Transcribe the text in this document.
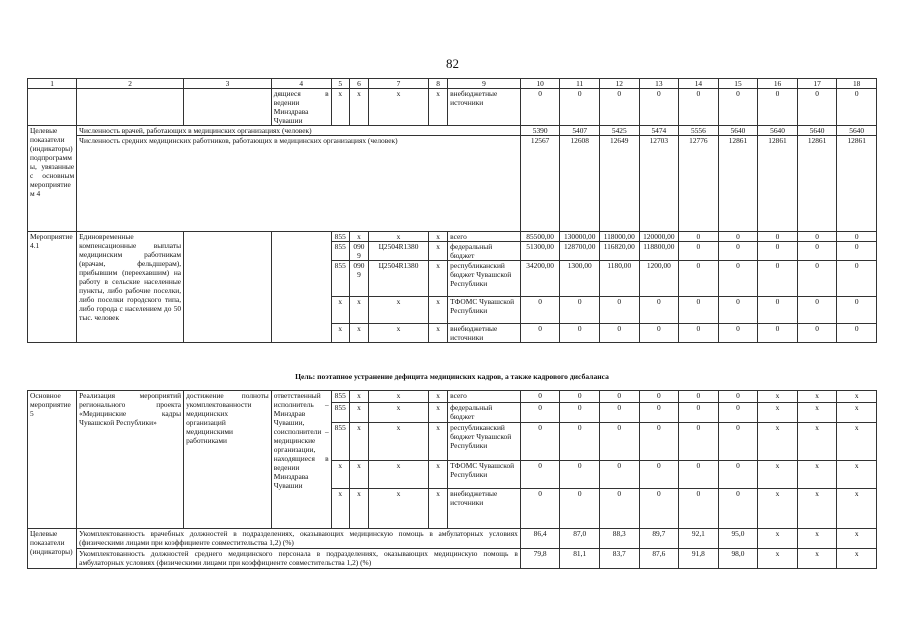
82
1	2	3	4	5	6	7	8	9	10	11	12	13	14	15	16	17	18
			дящиеся в ведении Минздрава Чувашии	x	x	x	x	внебюджетные источники	0	0	0	0	0	0	0	0	0
Целевые показатели (индикаторы) подпрограммы, увязанные с основным мероприятием 4	Численность врачей, работающих в медицинских организациях (человек)								5390	5407	5425	5474	5556	5640	5640	5640	5640
	Численность средних медицинских работников, работающих в медицинских организациях (человек)								12567	12608	12649	12703	12776	12861	12861	12861	12861
Мероприятие 4.1	Единовременные компенсационные выплаты медицинским работникам (врачам, фельдшерам), прибывшим (переехавшим) на работу в сельские населенные пункты, либо рабочие поселки, либо поселки городского типа, либо города с населением до 50 тыс. человек			855	x	x	x	всего	85500,00	130000,00	118000,00	120000,00	0	0	0	0	0
				855	0909	Ц2504R1380	x	федеральный бюджет	51300,00	128700,00	116820,00	118800,00	0	0	0	0	0
				855	0909	Ц2504R1380	x	республиканский бюджет Чувашской Республики	34200,00	1300,00	1180,00	1200,00	0	0	0	0	0
				x	x	x	x	ТФОМС Чувашской Республики	0	0	0	0	0	0	0	0	0
				x	x	x	x	внебюджетные источники	0	0	0	0	0	0	0	0	0
Цель: поэтапное устранение дефицита медицинских кадров, а также кадрового дисбаланса
Основное мероприятие 5	Реализация мероприятий регионального проекта «Медицинские кадры Чувашской Республики»	достижение полноты укомплектованности медицинских организаций медицинскими работниками	ответственный исполнитель – Минздрав Чувашии, соисполнители – медицинские организации, находящиеся в ведении Минздрава Чувашии	855	x	x	x	всего	0	0	0	0	0	0	x	x	x
				855	x	x	x	федеральный бюджет	0	0	0	0	0	0	x	x	x
				855	x	x	x	республиканский бюджет Чувашской Республики	0	0	0	0	0	0	x	x	x
				x	x	x	x	ТФОМС Чувашской Республики	0	0	0	0	0	0	x	x	x
				x	x	x	x	внебюджетные источники	0	0	0	0	0	0	x	x	x
Целевые показатели (индикаторы)	Укомплектованность врачебных должностей в подразделениях, оказывающих медицинскую помощь в амбулаторных условиях (физическими лицами при коэффициенте совместительства 1,2) (%)								86,4	87,0	88,3	89,7	92,1	95,0	x	x	x
	Укомплектованность должностей среднего медицинского персонала в подразделениях, оказывающих медицинскую помощь в амбулаторных условиях (физическими лицами при коэффициенте совместительства 1,2) (%)								79,8	81,1	83,7	87,6	91,8	98,0	x	x	x
